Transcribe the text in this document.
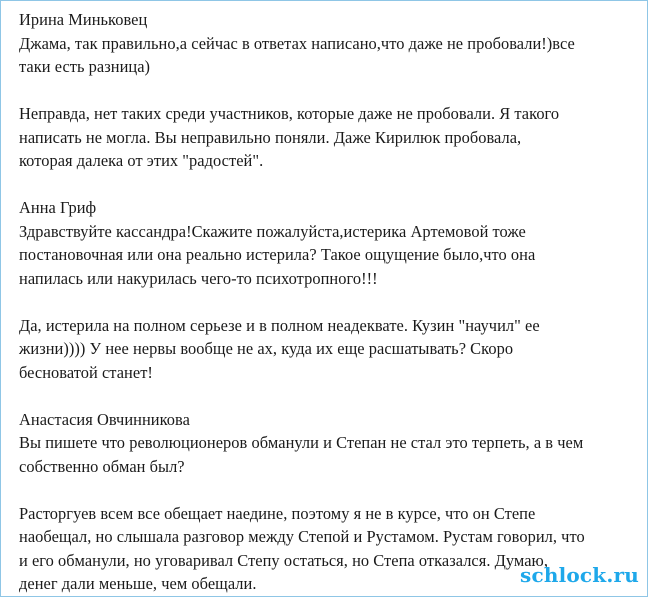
Ирина Миньковец
Джама, так правильно,а сейчас в ответах написано,что даже не пробовали!)все
таки есть разница)
Неправда, нет таких среди участников, которые даже не пробовали. Я такого
написать не могла. Вы неправильно поняли. Даже Кирилюк пробовала,
которая далека от этих "радостей".
Анна Гриф
Здравствуйте кассандра!Скажите пожалуйста,истерика Артемовой тоже
постановочная или она реально истерила? Такое ощущение было,что она
напилась или накурилась чего-то психотропного!!!
Да, истерила на полном серьезе и в полном неадеквате. Кузин "научил" ее
жизни)))) У нее нервы вообще не ах, куда их еще расшатывать? Скоро
бесноватой станет!
Анастасия Овчинникова
Вы пишете что революционеров обманули и Степан не стал это терпеть, а в чем
собственно обман был?
Расторгуев всем все обещает наедине, поэтому я не в курсе, что он Степе
наобещал, но слышала разговор между Степой и Рустамом. Рустам говорил, что
и его обманули, но уговаривал Степу остаться, но Степа отказался. Думаю,
денег дали меньше, чем обещали.	schlock.ru
